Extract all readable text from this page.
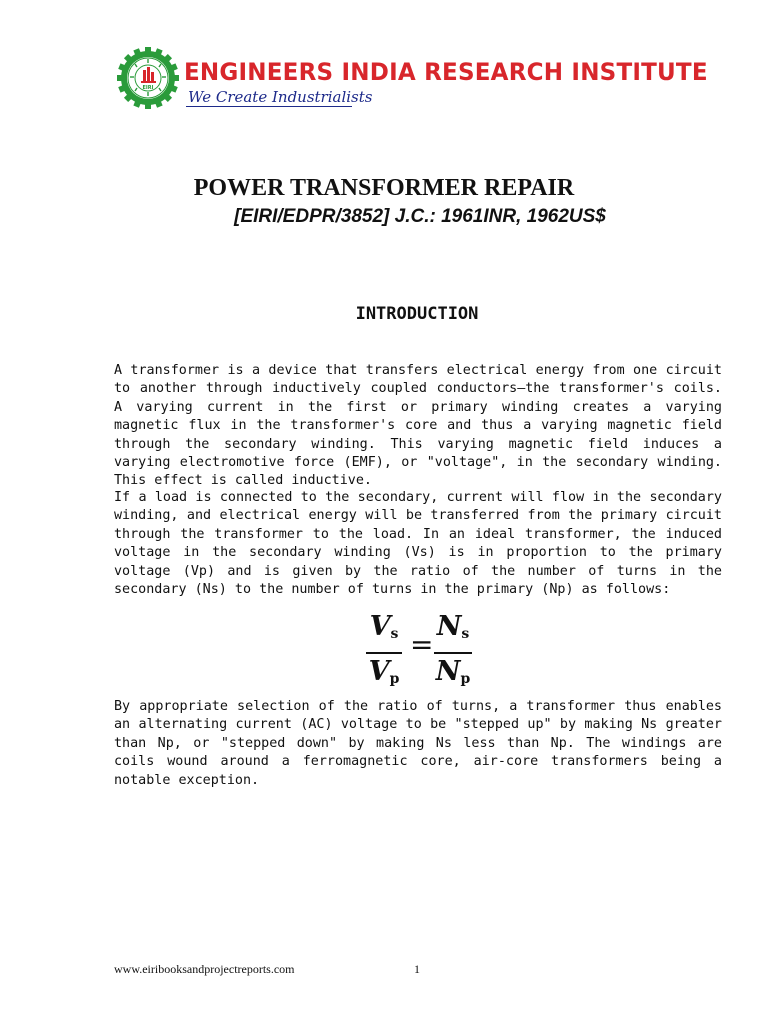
EIRI
ENGINEERS INDIA RESEARCH INSTITUTE
We Create Industrialists
POWER TRANSFORMER REPAIR
[EIRI/EDPR/3852] J.C.: 1961INR, 1962US$
INTRODUCTION

A transformer is a device that transfers electrical energy from one circuit to another through inductively coupled conductors—the transformer's coils. A varying current in the first or primary winding creates a varying magnetic flux in the transformer's core and thus a varying magnetic field through the secondary winding. This varying magnetic field induces a varying electromotive force (EMF), or "voltage", in the secondary winding. This effect is called inductive.

If a load is connected to the secondary, current will flow in the secondary winding, and electrical energy will be transferred from the primary circuit through the transformer to the load. In an ideal transformer, the induced voltage in the secondary winding (Vs) is in proportion to the primary voltage (Vp) and is given by the ratio of the number of turns in the secondary (Ns) to the number of turns in the primary (Np) as follows:

$V_s$
$V_p$
=
$N_s$
$N_p$

By appropriate selection of the ratio of turns, a transformer thus enables an alternating current (AC) voltage to be "stepped up" by making Ns greater than Np, or "stepped down" by making Ns less than Np. The windings are coils wound around a ferromagnetic core, air-core transformers being a notable exception.

www.eiribooksandprojectreports.com	1
